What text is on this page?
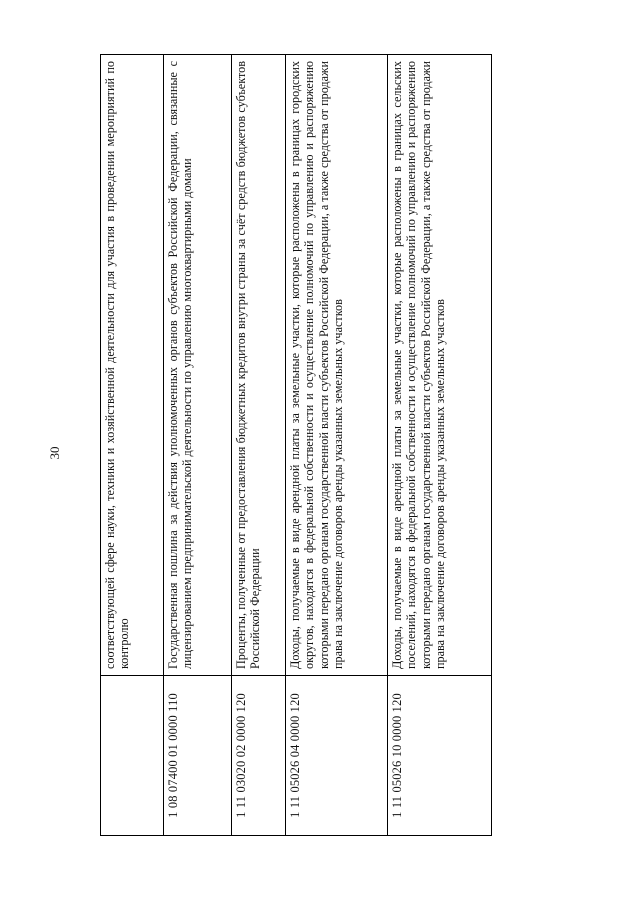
30
		соответствующей сфере науки, техники и хозяйственной деятельности для участия в проведении мероприятий по контролю
1 08 07400 01 0000 110	Государственная пошлина за действия уполномоченных органов субъектов Российской Федерации, связанные с лицензированием предпринимательской деятельности по управлению многоквартирными домами
1 11 03020 02 0000 120	Проценты, полученные от предоставления бюджетных кредитов внутри страны за счёт средств бюджетов субъектов Российской Федерации
1 11 05026 04 0000 120	Доходы, получаемые в виде арендной платы за земельные участки, которые расположены в границах городских округов, находятся в федеральной собственности и осуществление полномочий по управлению и распоряжению которыми передано органам государственной власти субъектов Российской Федерации, а также средства от продажи права на заключение договоров аренды указанных земельных участков
1 11 05026 10 0000 120	Доходы, получаемые в виде арендной платы за земельные участки, которые расположены в границах сельских поселений, находятся в федеральной собственности и осуществление полномочий по управлению и распоряжению которыми передано органам государственной власти субъектов Российской Федерации, а также средства от продажи права на заключение договоров аренды указанных земельных участков
